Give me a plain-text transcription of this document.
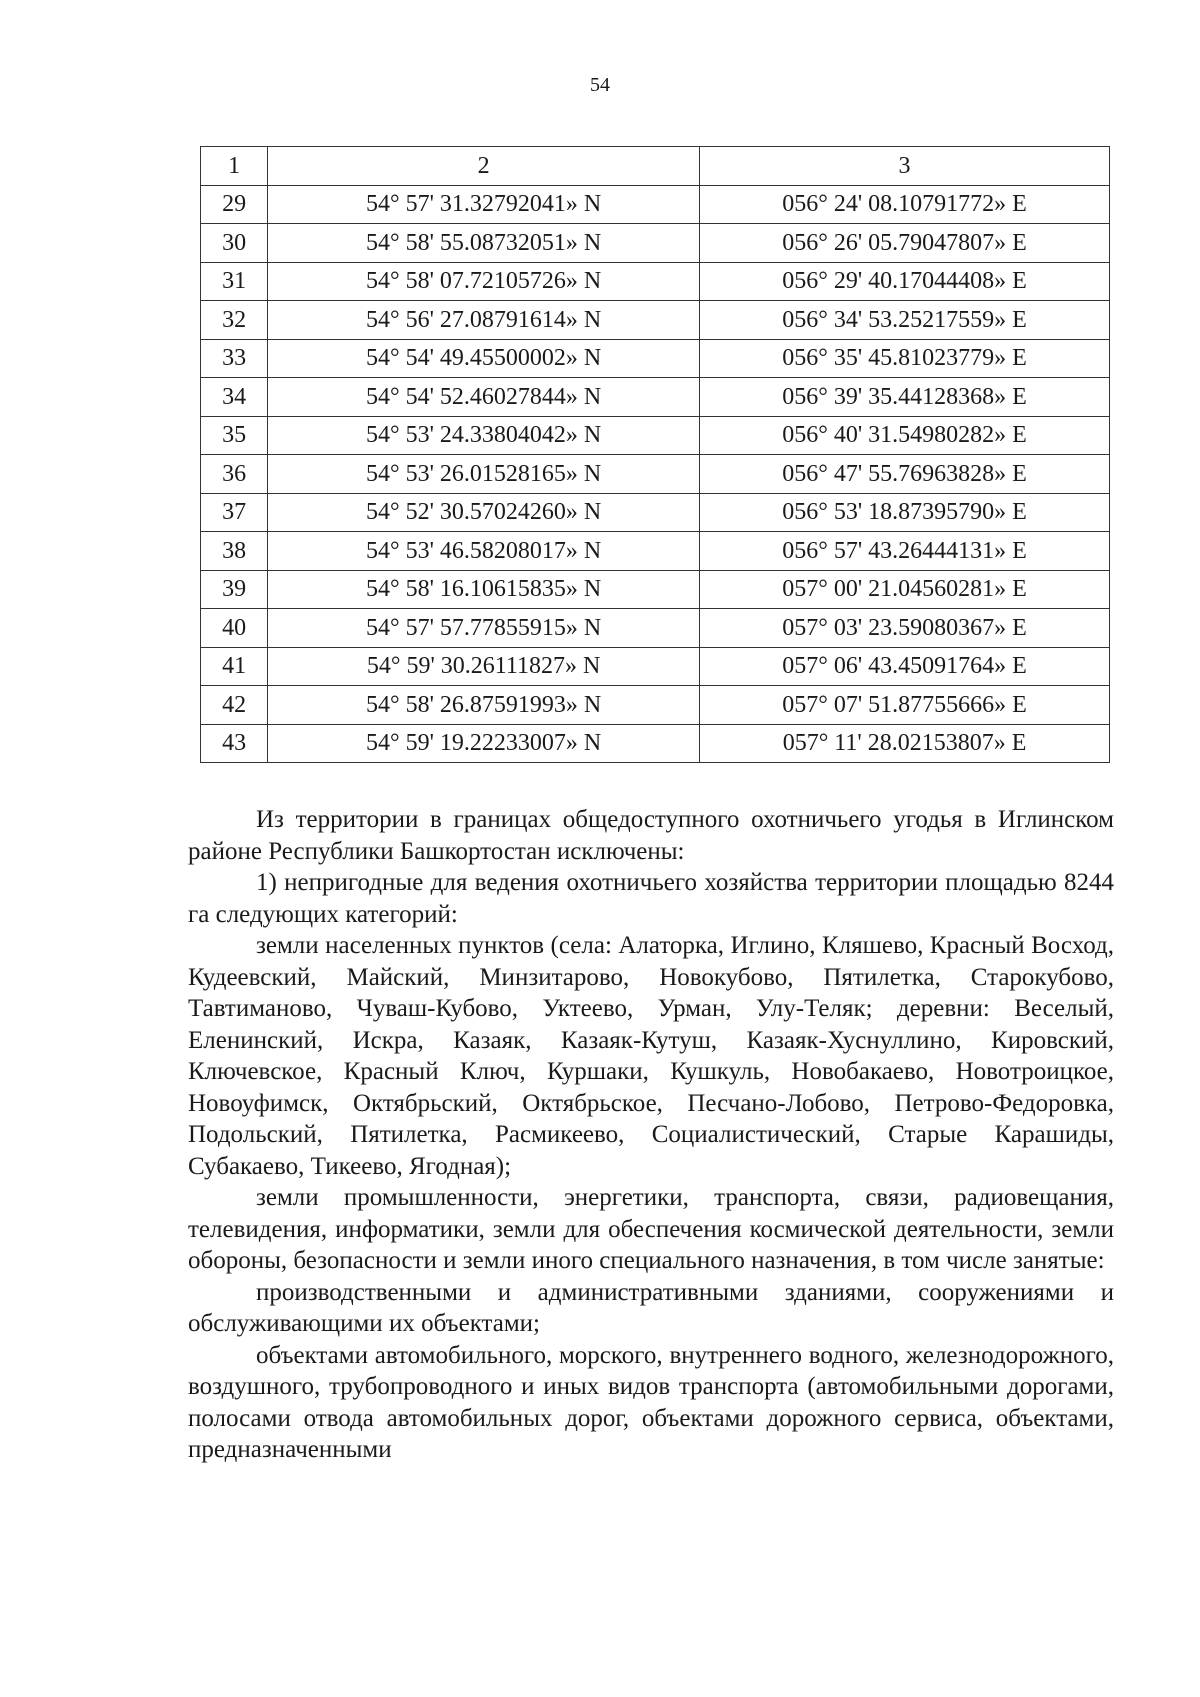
54
1	2	3
29	54° 57' 31.32792041» N	056° 24' 08.10791772» E
30	54° 58' 55.08732051» N	056° 26' 05.79047807» E
31	54° 58' 07.72105726» N	056° 29' 40.17044408» E
32	54° 56' 27.08791614» N	056° 34' 53.25217559» E
33	54° 54' 49.45500002» N	056° 35' 45.81023779» E
34	54° 54' 52.46027844» N	056° 39' 35.44128368» E
35	54° 53' 24.33804042» N	056° 40' 31.54980282» E
36	54° 53' 26.01528165» N	056° 47' 55.76963828» E
37	54° 52' 30.57024260» N	056° 53' 18.87395790» E
38	54° 53' 46.58208017» N	056° 57' 43.26444131» E
39	54° 58' 16.10615835» N	057° 00' 21.04560281» E
40	54° 57' 57.77855915» N	057° 03' 23.59080367» E
41	54° 59' 30.26111827» N	057° 06' 43.45091764» E
42	54° 58' 26.87591993» N	057° 07' 51.87755666» E
43	54° 59' 19.22233007» N	057° 11' 28.02153807» E

Из территории в границах общедоступного охотничьего угодья в Иглинском районе Республики Башкортостан исключены:

1) непригодные для ведения охотничьего хозяйства территории площадью 8244 га следующих категорий:

земли населенных пунктов (села: Алаторка, Иглино, Кляшево, Красный Восход, Кудеевский, Майский, Минзитарово, Новокубово, Пятилетка, Старокубово, Тавтиманово, Чуваш-Кубово, Уктеево, Урман, Улу-Теляк; деревни: Веселый, Еленинский, Искра, Казаяк, Казаяк-Кутуш, Казаяк-Хуснуллино, Кировский, Ключевское, Красный Ключ, Куршаки, Кушкуль, Новобакаево, Новотроицкое, Новоуфимск, Октябрьский, Октябрьское, Песчано-Лобово, Петрово-Федоровка, Подольский, Пятилетка, Расмикеево, Социалистический, Старые Карашиды, Субакаево, Тикеево, Ягодная);

земли промышленности, энергетики, транспорта, связи, радиовещания, телевидения, информатики, земли для обеспечения космической деятельности, земли обороны, безопасности и земли иного специального назначения, в том числе занятые:

производственными и административными зданиями, сооружениями и обслуживающими их объектами;

объектами автомобильного, морского, внутреннего водного, железнодорожного, воздушного, трубопроводного и иных видов транспорта (автомобильными дорогами, полосами отвода автомобильных дорог, объектами дорожного сервиса, объектами, предназначенными
